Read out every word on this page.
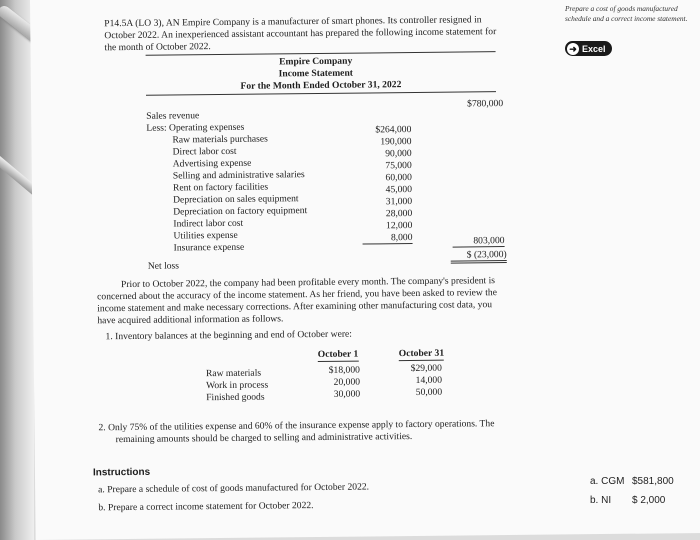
P14.5A (LO 3), AN Empire Company is a manufacturer of smart phones. Its controller resigned in
October 2022. An inexperienced assistant accountant has prepared the following income statement for
the month of October 2022.
Empire Company
Income Statement
For the Month Ended October 31, 2022
Sales revenue
$780,000
Less: Operating expenses
Raw materials purchases
Direct labor cost
Advertising expense
Selling and administrative salaries
Rent on factory facilities
Depreciation on sales equipment
Depreciation on factory equipment
Indirect labor cost
Utilities expense
Insurance expense
$264,000
190,000
90,000
75,000
60,000
45,000
31,000
28,000
12,000
8,000	803,000
Net loss
$ (23,000)
Prior to October 2022, the company had been profitable every month. The company's president is
concerned about the accuracy of the income statement. As her friend, you have been asked to review the
income statement and make necessary corrections. After examining other manufacturing cost data, you
have acquired additional information as follows.
1. Inventory balances at the beginning and end of October were:
October 1	October 31
Raw materials
Work in process
Finished goods
$18,000
20,000
30,000
$29,000
14,000
50,000
2. Only 75% of the utilities expense and 60% of the insurance expense apply to factory operations. The
remaining amounts should be charged to selling and administrative activities.
Instructions
a. Prepare a schedule of cost of goods manufactured for October 2022.
b. Prepare a correct income statement for October 2022.
Prepare a cost of goods manufactured schedule and a correct income statement.
➜ Excel
a. CGM $581,800
b. NI $ 2,000
